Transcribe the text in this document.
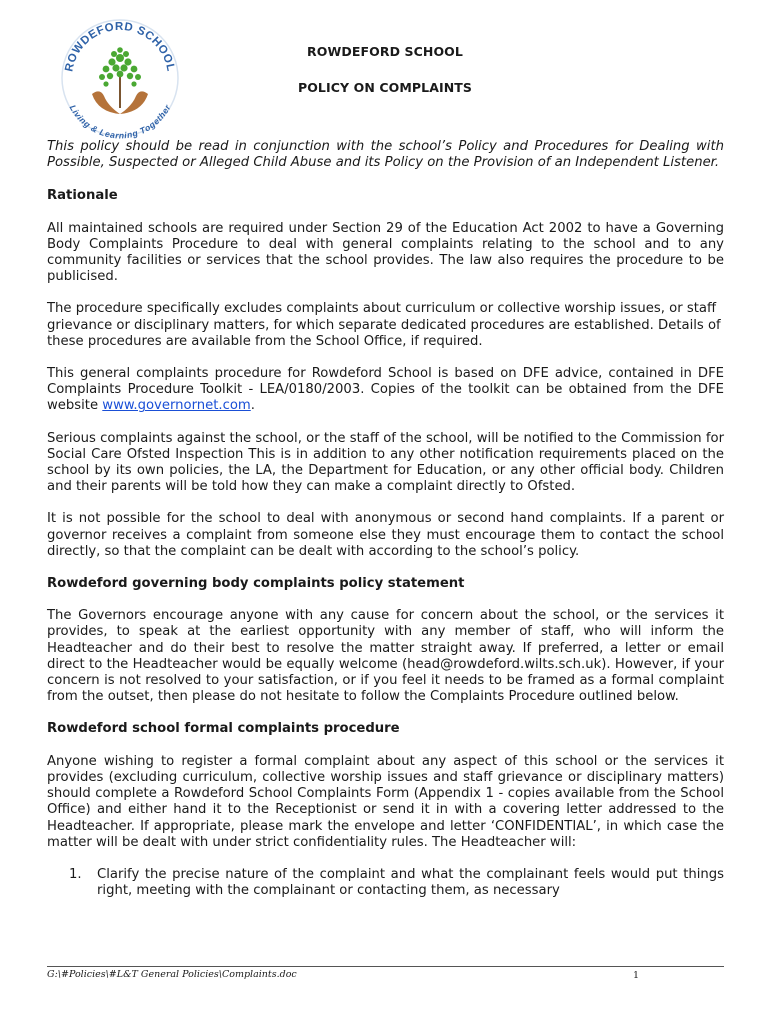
ROWDEFORD SCHOOL
Living & Learning Together
ROWDEFORD SCHOOL
POLICY ON COMPLAINTS

This policy should be read in conjunction with the school’s Policy and Procedures for Dealing with Possible, Suspected or Alleged Child Abuse and its Policy on the Provision of an Independent Listener.

Rationale

All maintained schools are required under Section 29 of the Education Act 2002 to have a Governing Body Complaints Procedure to deal with general complaints relating to the school and to any community facilities or services that the school provides. The law also requires the procedure to be publicised.

The procedure specifically excludes complaints about curriculum or collective worship issues, or staff grievance or disciplinary matters, for which separate dedicated procedures are established. Details of these procedures are available from the School Office, if required.

This general complaints procedure for Rowdeford School is based on DFE advice, contained in DFE Complaints Procedure Toolkit - LEA/0180/2003. Copies of the toolkit can be obtained from the DFE website www.governornet.com.

Serious complaints against the school, or the staff of the school, will be notified to the Commission for Social Care Ofsted Inspection This is in addition to any other notification requirements placed on the school by its own policies, the LA, the Department for Education, or any other official body. Children and their parents will be told how they can make a complaint directly to Ofsted.

It is not possible for the school to deal with anonymous or second hand complaints. If a parent or governor receives a complaint from someone else they must encourage them to contact the school directly, so that the complaint can be dealt with according to the school’s policy.

Rowdeford governing body complaints policy statement

The Governors encourage anyone with any cause for concern about the school, or the services it provides, to speak at the earliest opportunity with any member of staff, who will inform the Headteacher and do their best to resolve the matter straight away. If preferred, a letter or email direct to the Headteacher would be equally welcome (head@rowdeford.wilts.sch.uk). However, if your concern is not resolved to your satisfaction, or if you feel it needs to be framed as a formal complaint from the outset, then please do not hesitate to follow the Complaints Procedure outlined below.

Rowdeford school formal complaints procedure

Anyone wishing to register a formal complaint about any aspect of this school or the services it provides (excluding curriculum, collective worship issues and staff grievance or disciplinary matters) should complete a Rowdeford School Complaints Form (Appendix 1 - copies available from the School Office) and either hand it to the Receptionist or send it in with a covering letter addressed to the Headteacher. If appropriate, please mark the envelope and letter ‘CONFIDENTIAL’, in which case the matter will be dealt with under strict confidentiality rules. The Headteacher will:

1. Clarify the precise nature of the complaint and what the complainant feels would put things right, meeting with the complainant or contacting them, as necessary
G:\#Policies\#L&T General Policies\Complaints.doc	1
